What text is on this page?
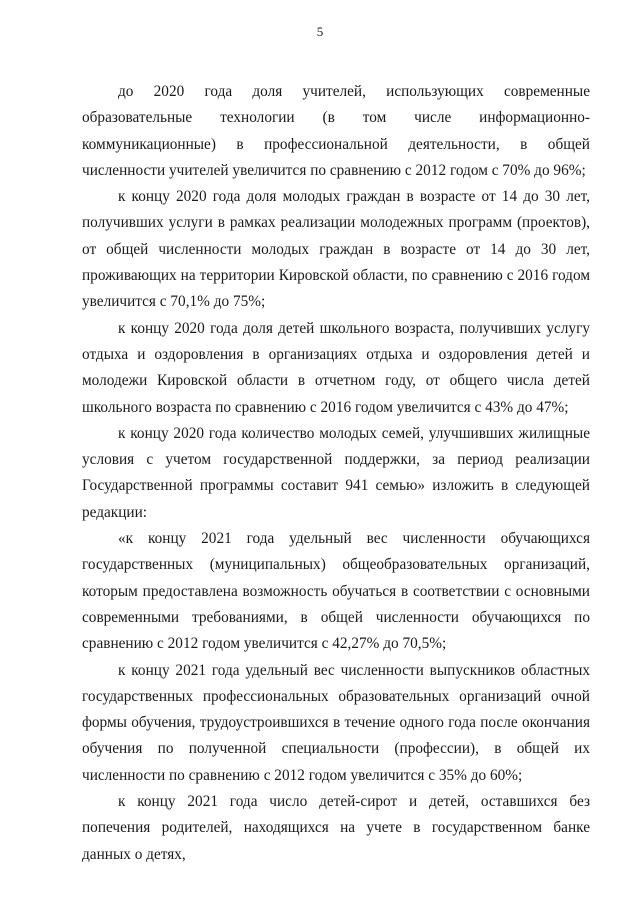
5

до 2020 года доля учителей, использующих современные образовательные технологии (в том числе информационно-коммуникационные) в профессиональной деятельности, в общей численности учителей увеличится по сравнению с 2012 годом с 70% до 96%;

к концу 2020 года доля молодых граждан в возрасте от 14 до 30 лет, получивших услуги в рамках реализации молодежных программ (проектов), от общей численности молодых граждан в возрасте от 14 до 30 лет, проживающих на территории Кировской области, по сравнению с 2016 годом увеличится с 70,1% до 75%;

к концу 2020 года доля детей школьного возраста, получивших услугу отдыха и оздоровления в организациях отдыха и оздоровления детей и молодежи Кировской области в отчетном году, от общего числа детей школьного возраста по сравнению с 2016 годом увеличится с 43% до 47%;

к концу 2020 года количество молодых семей, улучшивших жилищные условия с учетом государственной поддержки, за период реализации Государственной программы составит 941 семью» изложить в следующей редакции:

«к концу 2021 года удельный вес численности обучающихся государственных (муниципальных) общеобразовательных организаций, которым предоставлена возможность обучаться в соответствии с основными современными требованиями, в общей численности обучающихся по сравнению с 2012 годом увеличится с 42,27% до 70,5%;

к концу 2021 года удельный вес численности выпускников областных государственных профессиональных образовательных организаций очной формы обучения, трудоустроившихся в течение одного года после окончания обучения по полученной специальности (профессии), в общей их численности по сравнению с 2012 годом увеличится с 35% до 60%;

к концу 2021 года число детей-сирот и детей, оставшихся без попечения родителей, находящихся на учете в государственном банке данных о детях,
